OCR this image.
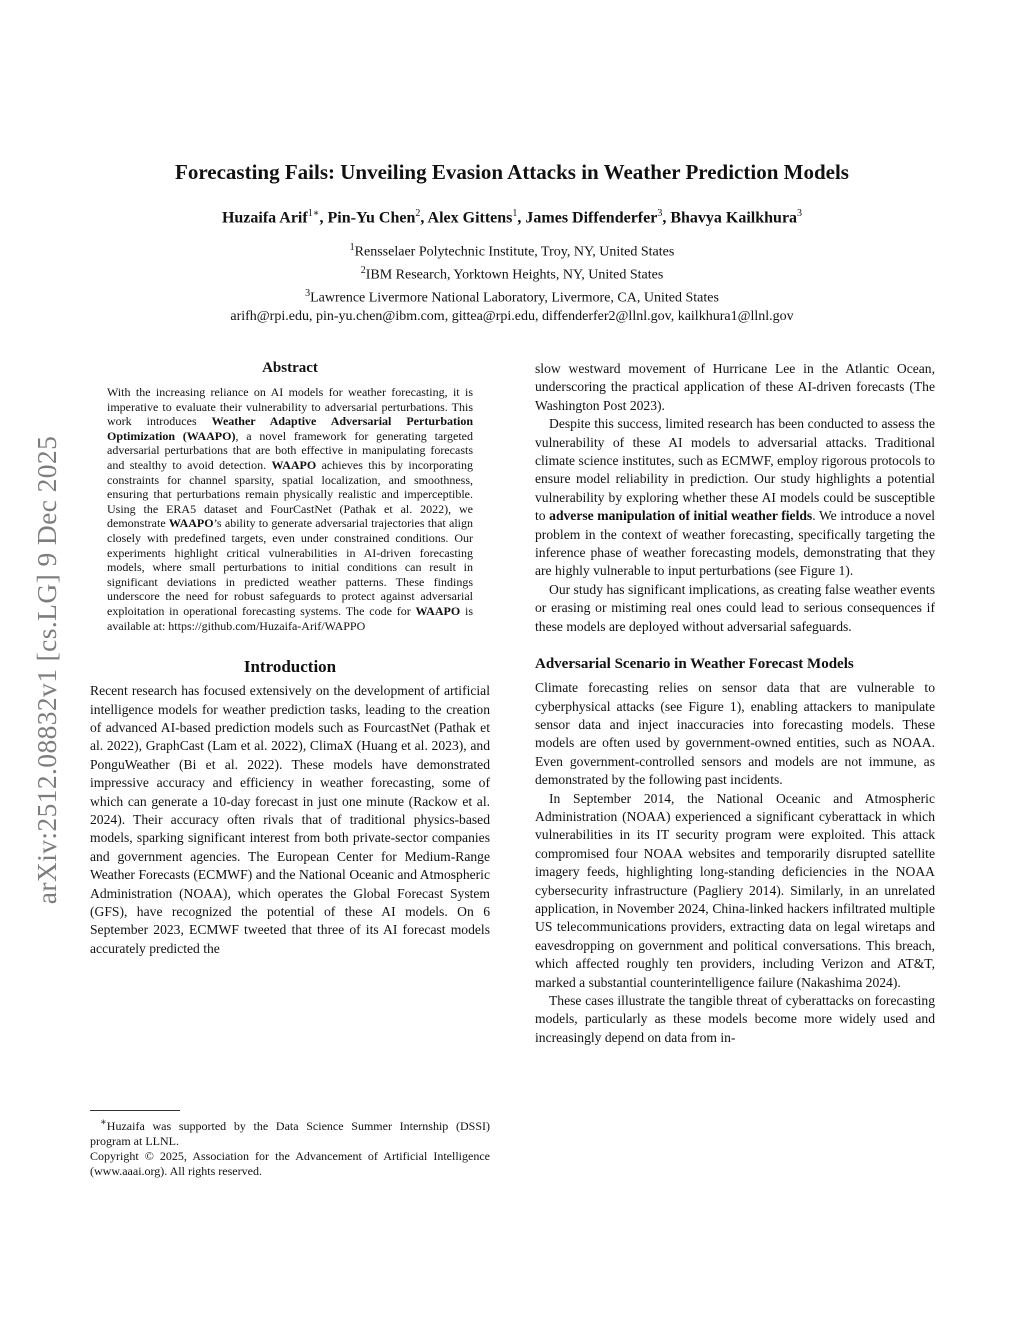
arXiv:2512.08832v1 [cs.LG] 9 Dec 2025
Forecasting Fails: Unveiling Evasion Attacks in Weather Prediction Models
Huzaifa Arif$^{1∗}$, Pin-Yu Chen$^2$, Alex Gittens$^1$, James Diffenderfer$^3$, Bhavya Kailkhura$^3$
$^1$Rensselaer Polytechnic Institute, Troy, NY, United States
$^2$IBM Research, Yorktown Heights, NY, United States
$^3$Lawrence Livermore National Laboratory, Livermore, CA, United States
arifh@rpi.edu, pin-yu.chen@ibm.com, gittea@rpi.edu, diffenderfer2@llnl.gov, kailkhura1@llnl.gov
Abstract

With the increasing reliance on AI models for weather forecasting, it is imperative to evaluate their vulnerability to adversarial perturbations. This work introduces Weather Adaptive Adversarial Perturbation Optimization (WAAPO), a novel framework for generating targeted adversarial perturbations that are both effective in manipulating forecasts and stealthy to avoid detection. WAAPO achieves this by incorporating constraints for channel sparsity, spatial localization, and smoothness, ensuring that perturbations remain physically realistic and imperceptible. Using the ERA5 dataset and FourCastNet (Pathak et al. 2022), we demonstrate WAAPO’s ability to generate adversarial trajectories that align closely with predefined targets, even under constrained conditions. Our experiments highlight critical vulnerabilities in AI-driven forecasting models, where small perturbations to initial conditions can result in significant deviations in predicted weather patterns. These findings underscore the need for robust safeguards to protect against adversarial exploitation in operational forecasting systems. The code for WAAPO is available at: https://github.com/Huzaifa-Arif/WAPPO

Introduction

Recent research has focused extensively on the development of artificial intelligence models for weather prediction tasks, leading to the creation of advanced AI-based prediction models such as FourcastNet (Pathak et al. 2022), GraphCast (Lam et al. 2022), ClimaX (Huang et al. 2023), and PonguWeather (Bi et al. 2022). These models have demonstrated impressive accuracy and efficiency in weather forecasting, some of which can generate a 10-day forecast in just one minute (Rackow et al. 2024). Their accuracy often rivals that of traditional physics-based models, sparking significant interest from both private-sector companies and government agencies. The European Center for Medium-Range Weather Forecasts (ECMWF) and the National Oceanic and Atmospheric Administration (NOAA), which operates the Global Forecast System (GFS), have recognized the potential of these AI models. On 6 September 2023, ECMWF tweeted that three of its AI forecast models accurately predicted the

slow westward movement of Hurricane Lee in the Atlantic Ocean, underscoring the practical application of these AI-driven forecasts (The Washington Post 2023).

Despite this success, limited research has been conducted to assess the vulnerability of these AI models to adversarial attacks. Traditional climate science institutes, such as ECMWF, employ rigorous protocols to ensure model reliability in prediction. Our study highlights a potential vulnerability by exploring whether these AI models could be susceptible to adverse manipulation of initial weather fields. We introduce a novel problem in the context of weather forecasting, specifically targeting the inference phase of weather forecasting models, demonstrating that they are highly vulnerable to input perturbations (see Figure 1).

Our study has significant implications, as creating false weather events or erasing or mistiming real ones could lead to serious consequences if these models are deployed without adversarial safeguards.

Adversarial Scenario in Weather Forecast Models

Climate forecasting relies on sensor data that are vulnerable to cyberphysical attacks (see Figure 1), enabling attackers to manipulate sensor data and inject inaccuracies into forecasting models. These models are often used by government-owned entities, such as NOAA. Even government-controlled sensors and models are not immune, as demonstrated by the following past incidents.

In September 2014, the National Oceanic and Atmospheric Administration (NOAA) experienced a significant cyberattack in which vulnerabilities in its IT security program were exploited. This attack compromised four NOAA websites and temporarily disrupted satellite imagery feeds, highlighting long-standing deficiencies in the NOAA cybersecurity infrastructure (Pagliery 2014). Similarly, in an unrelated application, in November 2024, China-linked hackers infiltrated multiple US telecommunications providers, extracting data on legal wiretaps and eavesdropping on government and political conversations. This breach, which affected roughly ten providers, including Verizon and AT&T, marked a substantial counterintelligence failure (Nakashima 2024).

These cases illustrate the tangible threat of cyberattacks on forecasting models, particularly as these models become more widely used and increasingly depend on data from in-

∗Huzaifa was supported by the Data Science Summer Internship (DSSI) program at LLNL.

Copyright © 2025, Association for the Advancement of Artificial Intelligence (www.aaai.org). All rights reserved.
